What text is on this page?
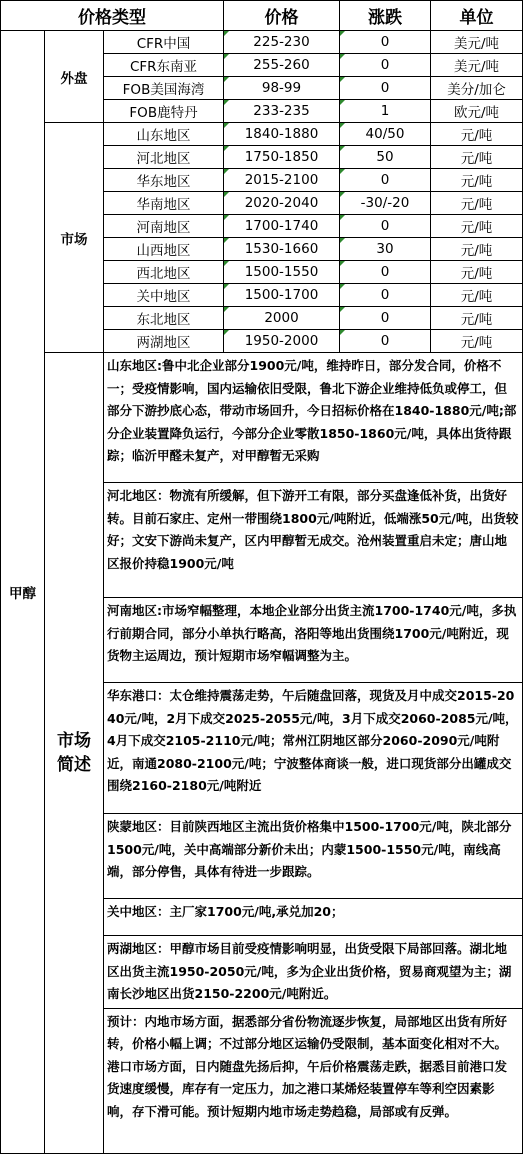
价格类型			价格	涨跌	单位
甲醇	外盘	CFR中国	225-230	0	美元/吨
		CFR东南亚	255-260	0	美元/吨
		FOB美国海湾	98-99	0	美分/加仑
		FOB鹿特丹	233-235	1	欧元/吨
	市场	山东地区	1840-1880	40/50	元/吨
		河北地区	1750-1850	50	元/吨
		华东地区	2015-2100	0	元/吨
		华南地区	2020-2040	-30/-20	元/吨
		河南地区	1700-1740	0	元/吨
		山西地区	1530-1660	30	元/吨
		西北地区	1500-1550	0	元/吨
		关中地区	1500-1700	0	元/吨
		东北地区	2000	0	元/吨
		两湖地区	1950-2000	0	元/吨

	市场
简述	山东地区:鲁中北企业部分1900元/吨，维持昨日，部分发合同，价格不一；受疫情影响，国内运输依旧受限，鲁北下游企业维持低负或停工，但部分下游抄底心态，带动市场回升，今日招标价格在1840-1880元/吨;部分企业装置降负运行，今部分企业零散1850-1860元/吨，具体出货待跟踪；临沂甲醛未复产，对甲醇暂无采购			
		河北地区：物流有所缓解，但下游开工有限，部分买盘逢低补货，出货好转。目前石家庄、定州一带围绕1800元/吨附近，低端涨50元/吨，出货较好；文安下游尚未复产，区内甲醇暂无成交。沧州装置重启未定；唐山地区报价持稳1900元/吨			
		河南地区:市场窄幅整理，本地企业部分出货主流1700-1740元/吨，多执行前期合同，部分小单执行略高，洛阳等地出货围绕1700元/吨附近，现货物主运周边，预计短期市场窄幅调整为主。			
		华东港口：太仓维持震荡走势，午后随盘回落，现货及月中成交2015-2040元/吨，2月下成交2025-2055元/吨，3月下成交2060-2085元/吨，4月下成交2105-2110元/吨；常州江阴地区部分2060-2090元/吨附近，南通2080-2100元/吨；宁波整体商谈一般，进口现货部分出罐成交围绕2160-2180元/吨附近			
		陕蒙地区：目前陕西地区主流出货价格集中1500-1700元/吨，陕北部分1500元/吨，关中高端部分新价未出；内蒙1500-1550元/吨，南线高端，部分停售，具体有待进一步跟踪。			
		关中地区：主厂家1700元/吨,承兑加20；			
		两湖地区：甲醇市场目前受疫情影响明显，出货受限下局部回落。湖北地区出货主流1950-2050元/吨，多为企业出货价格，贸易商观望为主；湖南长沙地区出货2150-2200元/吨附近。			
		预计：内地市场方面，据悉部分省份物流逐步恢复，局部地区出货有所好转，价格小幅上调；不过部分地区运输仍受限制，基本面变化相对不大。港口市场方面，日内随盘先扬后抑，午后价格震荡走跌，据悉目前港口发货速度缓慢，库存有一定压力，加之港口某烯烃装置停车等利空因素影响，存下滑可能。预计短期内地市场走势趋稳，局部或有反弹。			
